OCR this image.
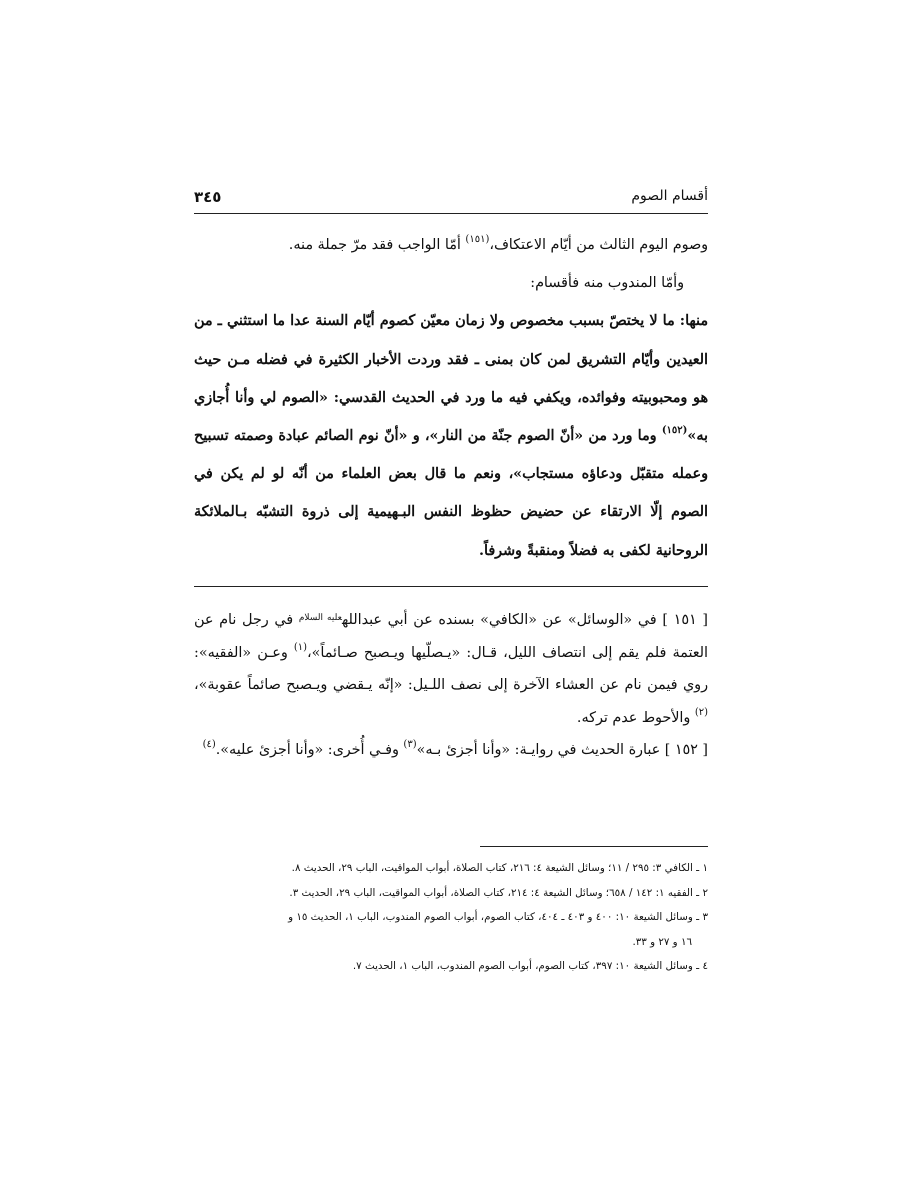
أقسام الصوم
٣٤٥

وصوم اليوم الثالث من أيّام الاعتكاف،$^{(١٥١)}$ أمّا الواجب فقد مرّ جملة منه.

وأمّا المندوب منه فأقسام:

منها: ما لا يختصّ بسبب مخصوص ولا زمان معيّن كصوم أيّام السنة عدا ما استثني ـ من العيدين وأيّام التشريق لمن كان بمنى ـ فقد وردت الأخبار الكثيرة في فضله مـن حيث هو ومحبوبيته وفوائده، ويكفي فيه ما ورد في الحديث القدسي: «الصوم لي وأنا أُجازي به»$^{(١٥٢)}$ وما ورد من «أنّ الصوم جنّة من النار»، و «أنّ نوم الصائم عبادة وصمته تسبيح وعمله متقبّل ودعاؤه مستجاب»، ونعم ما قال بعض العلماء من أنّه لو لم يكن في الصوم إلّا الارتقاء عن حضيض حظوظ النفس البـهيمية إلى ذروة التشبّه بـالملائكة الروحانية لكفى به فضلاً ومنقبةً وشرفاً.

[ ١٥١ ] في «الوسائل» عن «الكافي» بسنده عن أبي عبدالله$^{عليه السلام}$ في رجل نام عن العتمة فلم يقم إلى انتصاف الليل، قـال: «يـصلّيها ويـصبح صـائماً»،$^{(١)}$ وعـن «الفقيه»: روي فيمن نام عن العشاء الآخرة إلى نصف اللـيل: «إنّه يـقضي ويـصبح صائماً عقوبة»،$^{(٢)}$ والأحوط عدم تركه.

[ ١٥٢ ] عبارة الحديث في روايـة: «وأنا أجزئ بـه»$^{(٣)}$ وفـي أُخرى: «وأنا أجزئ عليه».$^{(٤)}$

١ ـ الكافي ٣: ٢٩٥ / ١١؛ وسائل الشيعة ٤: ٢١٦، كتاب الصلاة، أبواب المواقيت، الباب ٢٩، الحديث ٨.

٢ ـ الفقيه ١: ١٤٢ / ٦٥٨؛ وسائل الشيعة ٤: ٢١٤، كتاب الصلاة، أبواب المواقيت، الباب ٢٩، الحديث ٣.

٣ ـ وسائل الشيعة ١٠: ٤٠٠ و ٤٠٣ ـ ٤٠٤، كتاب الصوم، أبواب الصوم المندوب، الباب ١، الحديث ١٥ و

١٦ و ٢٧ و ٣٣.

٤ ـ وسائل الشيعة ١٠: ٣٩٧، كتاب الصوم، أبواب الصوم المندوب، الباب ١، الحديث ٧.
